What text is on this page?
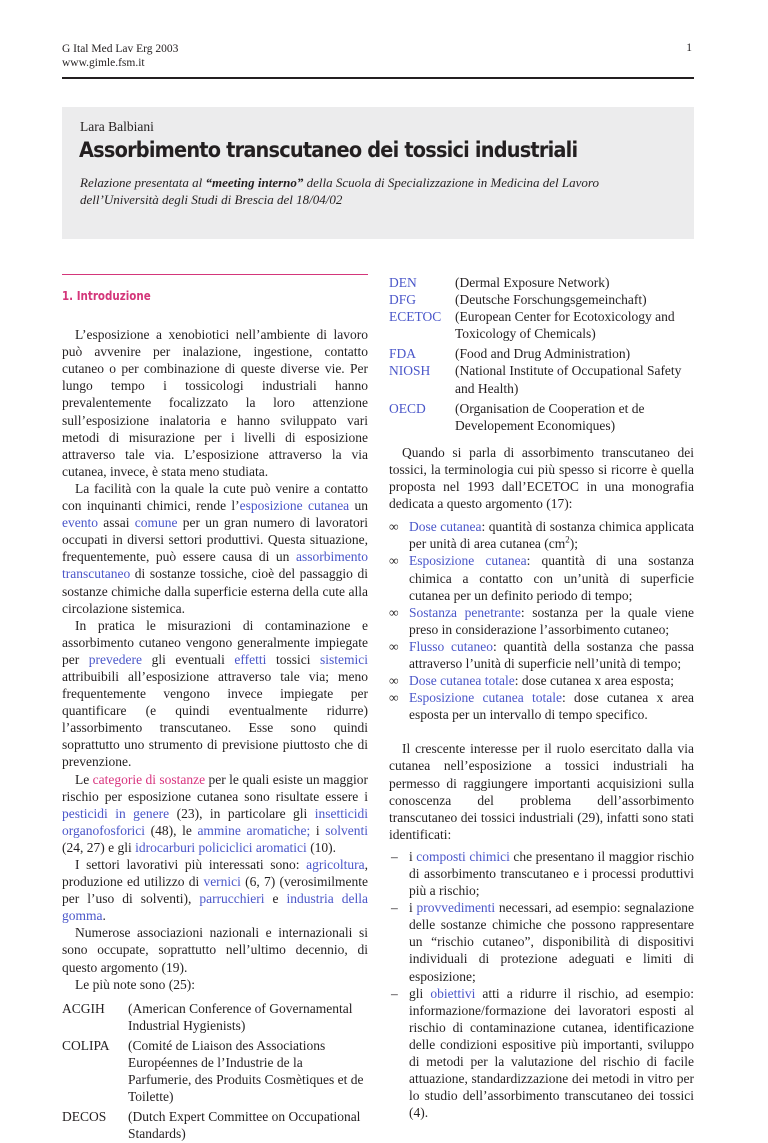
G Ital Med Lav Erg 2003
www.gimle.fsm.it
1
Lara Balbiani
Assorbimento transcutaneo dei tossici industriali
Relazione presentata al “meeting interno” della Scuola di Specializzazione in Medicina del Lavoro dell’Università degli Studi di Brescia del 18/04/02
1. Introduzione

L’esposizione a xenobiotici nell’ambiente di lavoro può avvenire per inalazione, ingestione, contatto cutaneo o per combinazione di queste diverse vie. Per lungo tempo i tossicologi industriali hanno prevalentemente focalizzato la loro attenzione sull’esposizione inalatoria e hanno sviluppato vari metodi di misurazione per i livelli di esposizione attraverso tale via. L’esposizione attraverso la via cutanea, invece, è stata meno studiata.

La facilità con la quale la cute può venire a contatto con inquinanti chimici, rende l’esposizione cutanea un evento assai comune per un gran numero di lavoratori occupati in diversi settori produttivi. Questa situazione, frequentemente, può essere causa di un assorbimento transcutaneo di sostanze tossiche, cioè del passaggio di sostanze chimiche dalla superficie esterna della cute alla circolazione sistemica.

In pratica le misurazioni di contaminazione e assorbimento cutaneo vengono generalmente impiegate per prevedere gli eventuali effetti tossici sistemici attribuibili all’esposizione attraverso tale via; meno frequentemente vengono invece impiegate per quantificare (e quindi eventualmente ridurre) l’assorbimento transcutaneo. Esse sono quindi soprattutto uno strumento di previsione piuttosto che di prevenzione.

Le categorie di sostanze per le quali esiste un maggior rischio per esposizione cutanea sono risultate essere i pesticidi in genere (23), in particolare gli insetticidi organofosforici (48), le ammine aromatiche; i solventi (24, 27) e gli idrocarburi policiclici aromatici (10).

I settori lavorativi più interessati sono: agricoltura, produzione ed utilizzo di vernici (6, 7) (verosimilmente per l’uso di solventi), parrucchieri e industria della gomma.

Numerose associazioni nazionali e internazionali si sono occupate, soprattutto nell’ultimo decennio, di questo argomento (19).

Le più note sono (25):

ACGIH	(American Conference of Governamental Industrial Hygienists)
COLIPA	(Comité de Liaison des Associations Européennes de l’Industrie de la Parfumerie, des Produits Cosmètiques et de Toilette)
DECOS	(Dutch Expert Committee on Occupational Standards)
DEN	(Dermal Exposure Network)
DFG	(Deutsche Forschungsgemeinchaft)
ECETOC	(European Center for Ecotoxicology and Toxicology of Chemicals)
FDA	(Food and Drug Administration)
NIOSH	(National Institute of Occupational Safety and Health)
OECD	(Organisation de Cooperation et de Developement Economiques)

Quando si parla di assorbimento transcutaneo dei tossici, la terminologia cui più spesso si ricorre è quella proposta nel 1993 dall’ECETOC in una monografia dedicata a questo argomento (17):

∞ Dose cutanea: quantità di sostanza chimica applicata per unità di area cutanea $(cm^2)$;
∞ Esposizione cutanea: quantità di una sostanza chimica a contatto con un’unità di superficie cutanea per un definito periodo di tempo;
∞ Sostanza penetrante: sostanza per la quale viene preso in considerazione l’assorbimento cutaneo;
∞ Flusso cutaneo: quantità della sostanza che passa attraverso l’unità di superficie nell’unità di tempo;
∞ Dose cutanea totale: dose cutanea x area esposta;
∞ Esposizione cutanea totale: dose cutanea x area esposta per un intervallo di tempo specifico.

Il crescente interesse per il ruolo esercitato dalla via cutanea nell’esposizione a tossici industriali ha permesso di raggiungere importanti acquisizioni sulla conoscenza del problema dell’assorbimento transcutaneo dei tossici industriali (29), infatti sono stati identificati:

– i composti chimici che presentano il maggior rischio di assorbimento transcutaneo e i processi produttivi più a rischio;
– i provvedimenti necessari, ad esempio: segnalazione delle sostanze chimiche che possono rappresentare un “rischio cutaneo”, disponibilità di dispositivi individuali di protezione adeguati e limiti di esposizione;
– gli obiettivi atti a ridurre il rischio, ad esempio: informazione/formazione dei lavoratori esposti al rischio di contaminazione cutanea, identificazione delle condizioni espositive più importanti, sviluppo di metodi per la valutazione del rischio di facile attuazione, standardizzazione dei metodi in vitro per lo studio dell’assorbimento transcutaneo dei tossici (4).
